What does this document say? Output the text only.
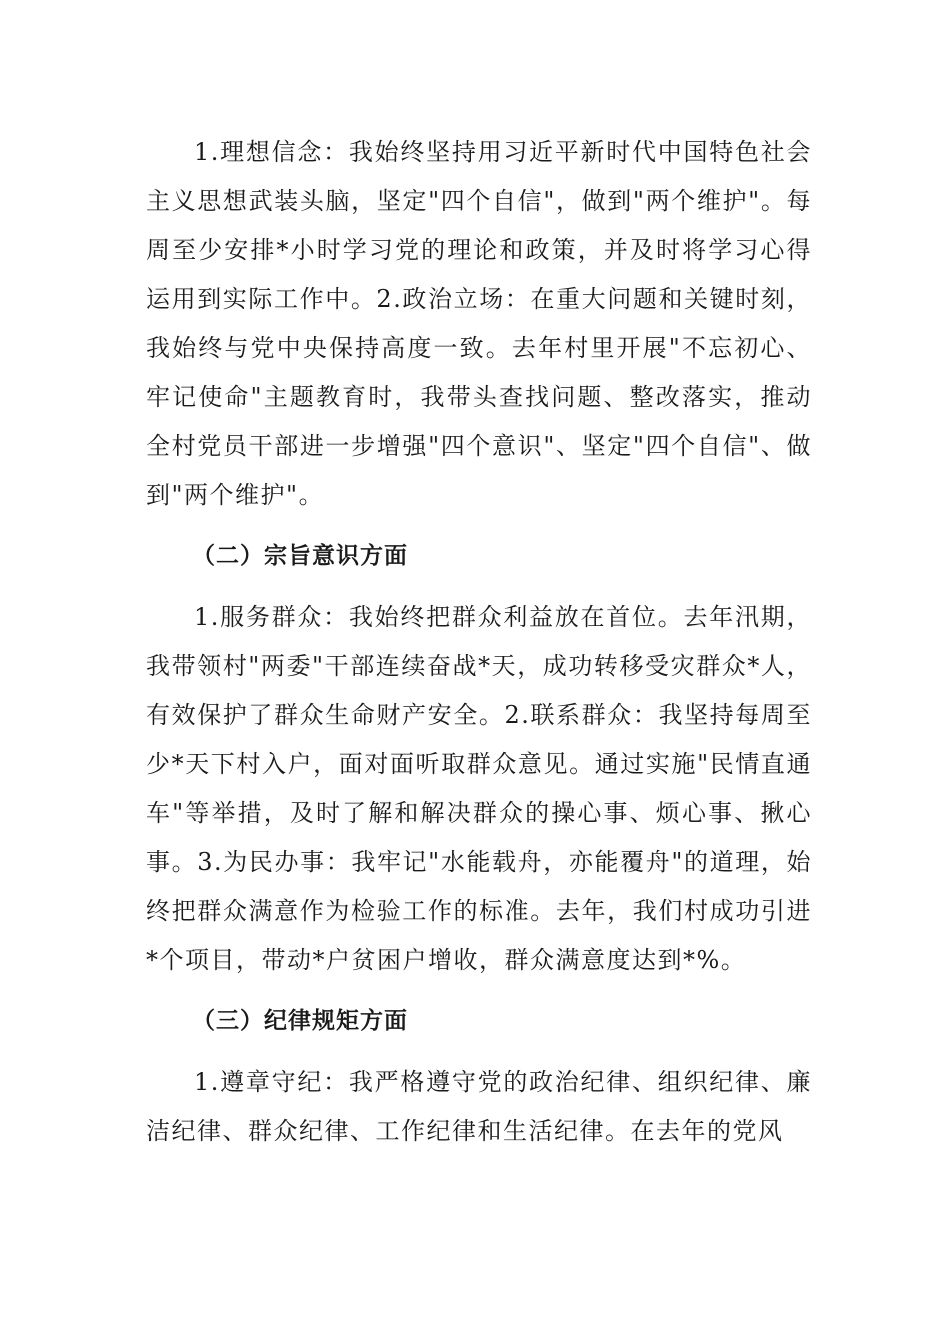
1.理想信念：我始终坚持用习近平新时代中国特色社会主义思想武装头脑，坚定"四个自信"，做到"两个维护"。每周至少安排*小时学习党的理论和政策，并及时将学习心得运用到实际工作中。2.政治立场：在重大问题和关键时刻，我始终与党中央保持高度一致。去年村里开展"不忘初心、牢记使命"主题教育时，我带头查找问题、整改落实，推动全村党员干部进一步增强"四个意识"、坚定"四个自信"、做到"两个维护"。

（二）宗旨意识方面

1.服务群众：我始终把群众利益放在首位。去年汛期，我带领村"两委"干部连续奋战*天，成功转移受灾群众*人，有效保护了群众生命财产安全。2.联系群众：我坚持每周至少*天下村入户，面对面听取群众意见。通过实施"民情直通车"等举措，及时了解和解决群众的操心事、烦心事、揪心事。3.为民办事：我牢记"水能载舟，亦能覆舟"的道理，始终把群众满意作为检验工作的标准。去年，我们村成功引进*个项目，带动*户贫困户增收，群众满意度达到*%。

（三）纪律规矩方面

1.遵章守纪：我严格遵守党的政治纪律、组织纪律、廉洁纪律、群众纪律、工作纪律和生活纪律。在去年的党风
